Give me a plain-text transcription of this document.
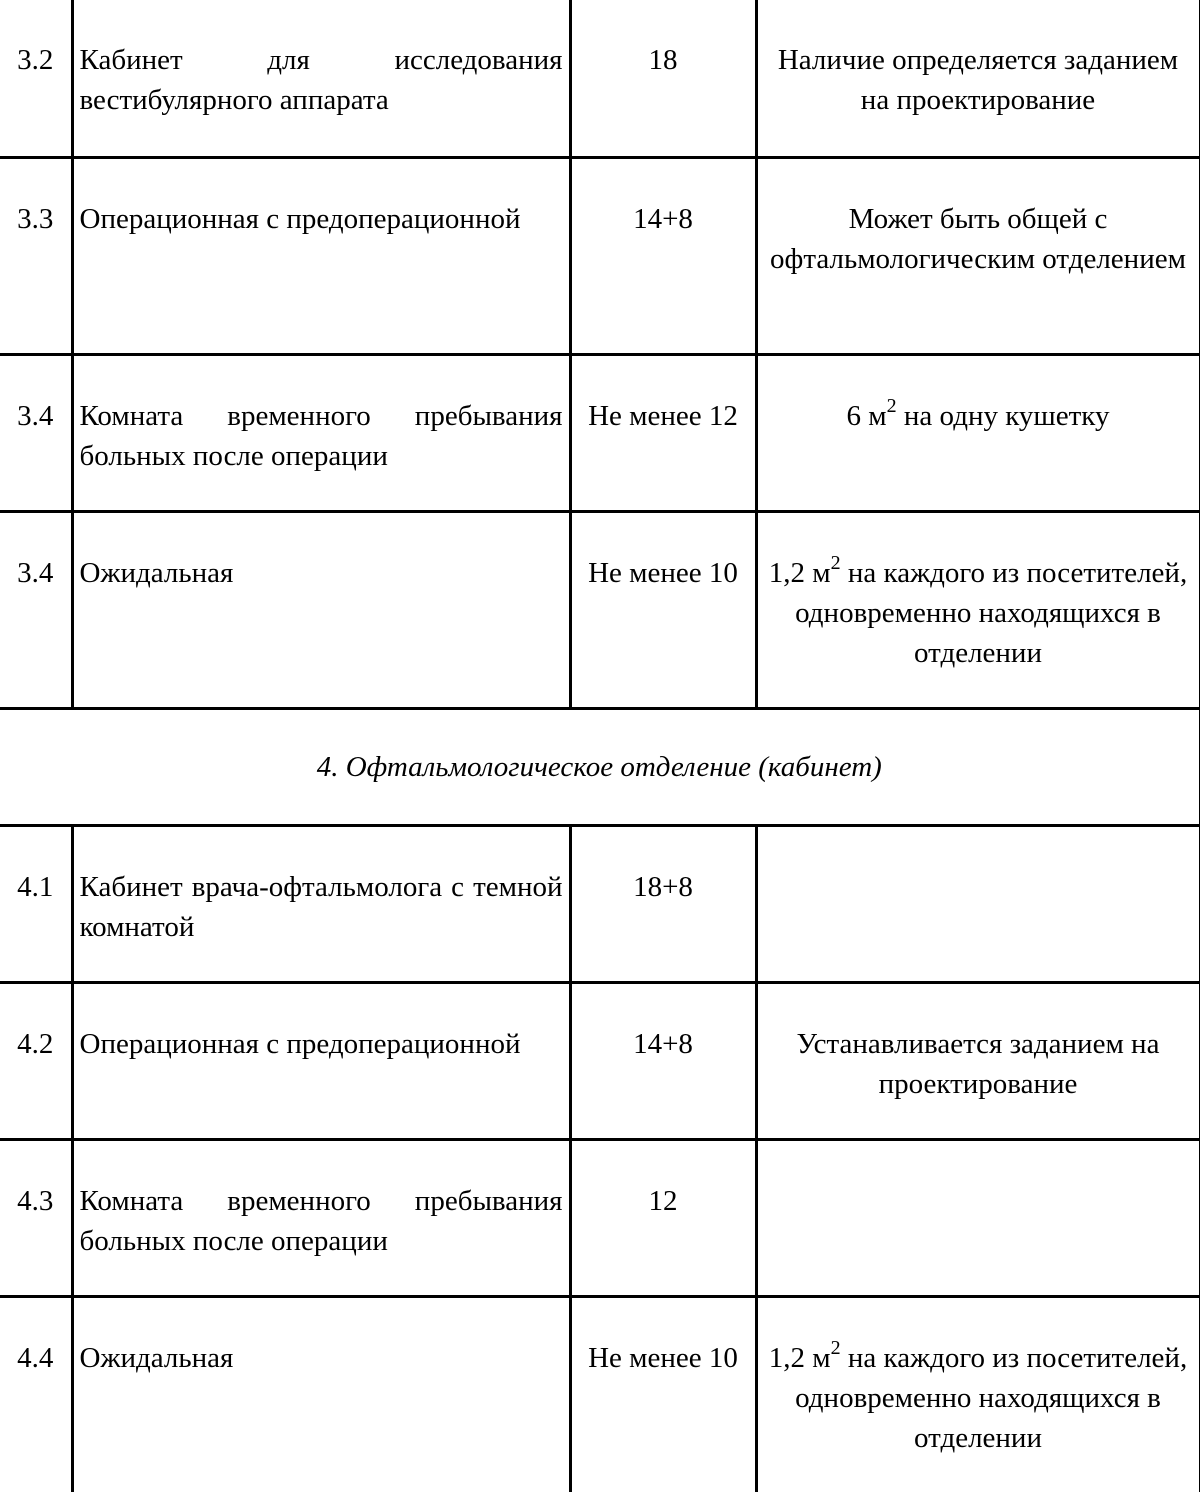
3.2	Кабинет для исследования вестибулярного аппарата	18	Наличие определяется заданием на проектирование
3.3	Операционная с предоперационной	14+8	Может быть общей с офтальмологическим отделением
3.4	Комната временного пребывания больных после операции	Не менее 12	6 $м^2$ на одну кушетку
3.4	Ожидальная	Не менее 10	1,2 $м^2$ на каждого из посетителей, одновременно находящихся в отделении
4. Офтальмологическое отделение (кабинет)			
4.1	Кабинет врача-офтальмолога с темной комнатой	18+8	
4.2	Операционная с предоперационной	14+8	Устанавливается заданием на проектирование
4.3	Комната временного пребывания больных после операции	12	
4.4	Ожидальная	Не менее 10	1,2 $м^2$ на каждого из посетителей, одновременно находящихся в отделении
